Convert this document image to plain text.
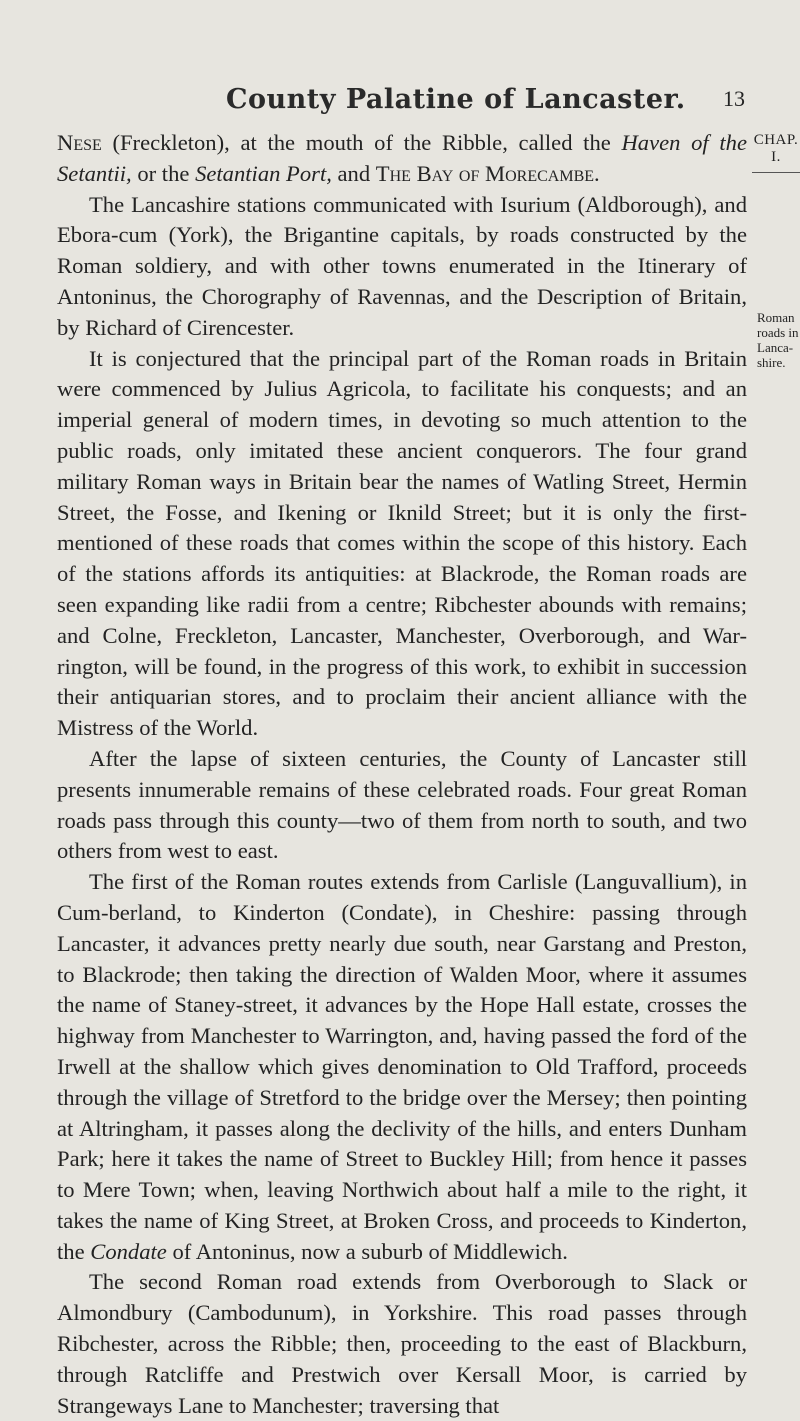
County Palatine of Lancaster. 13
CHAP.
I.
Roman
roads in
Lanca-
shire.

Nese (Freckleton), at the mouth of the Ribble, called the Haven of the Setantii, or the Setantian Port, and The Bay of Morecambe.

The Lancashire stations communicated with Isurium (Aldborough), and Ebora-cum (York), the Brigantine capitals, by roads constructed by the Roman soldiery, and with other towns enumerated in the Itinerary of Antoninus, the Chorography of Ravennas, and the Description of Britain, by Richard of Cirencester.

It is conjectured that the principal part of the Roman roads in Britain were commenced by Julius Agricola, to facilitate his conquests; and an imperial general of modern times, in devoting so much attention to the public roads, only imitated these ancient conquerors. The four grand military Roman ways in Britain bear the names of Watling Street, Hermin Street, the Fosse, and Ikening or Iknild Street; but it is only the first-mentioned of these roads that comes within the scope of this history. Each of the stations affords its antiquities: at Blackrode, the Roman roads are seen expanding like radii from a centre; Ribchester abounds with remains; and Colne, Freckleton, Lancaster, Manchester, Overborough, and War-rington, will be found, in the progress of this work, to exhibit in succession their antiquarian stores, and to proclaim their ancient alliance with the Mistress of the World.

After the lapse of sixteen centuries, the County of Lancaster still presents innumerable remains of these celebrated roads. Four great Roman roads pass through this county—two of them from north to south, and two others from west to east.

The first of the Roman routes extends from Carlisle (Languvallium), in Cum-berland, to Kinderton (Condate), in Cheshire: passing through Lancaster, it advances pretty nearly due south, near Garstang and Preston, to Blackrode; then taking the direction of Walden Moor, where it assumes the name of Staney-street, it advances by the Hope Hall estate, crosses the highway from Manchester to Warrington, and, having passed the ford of the Irwell at the shallow which gives denomination to Old Trafford, proceeds through the village of Stretford to the bridge over the Mersey; then pointing at Altringham, it passes along the declivity of the hills, and enters Dunham Park; here it takes the name of Street to Buckley Hill; from hence it passes to Mere Town; when, leaving Northwich about half a mile to the right, it takes the name of King Street, at Broken Cross, and proceeds to Kinderton, the Condate of Antoninus, now a suburb of Middlewich.

The second Roman road extends from Overborough to Slack or Almondbury (Cambodunum), in Yorkshire. This road passes through Ribchester, across the Ribble; then, proceeding to the east of Blackburn, through Ratcliffe and Prestwich over Kersall Moor, is carried by Strangeways Lane to Manchester; traversing that
